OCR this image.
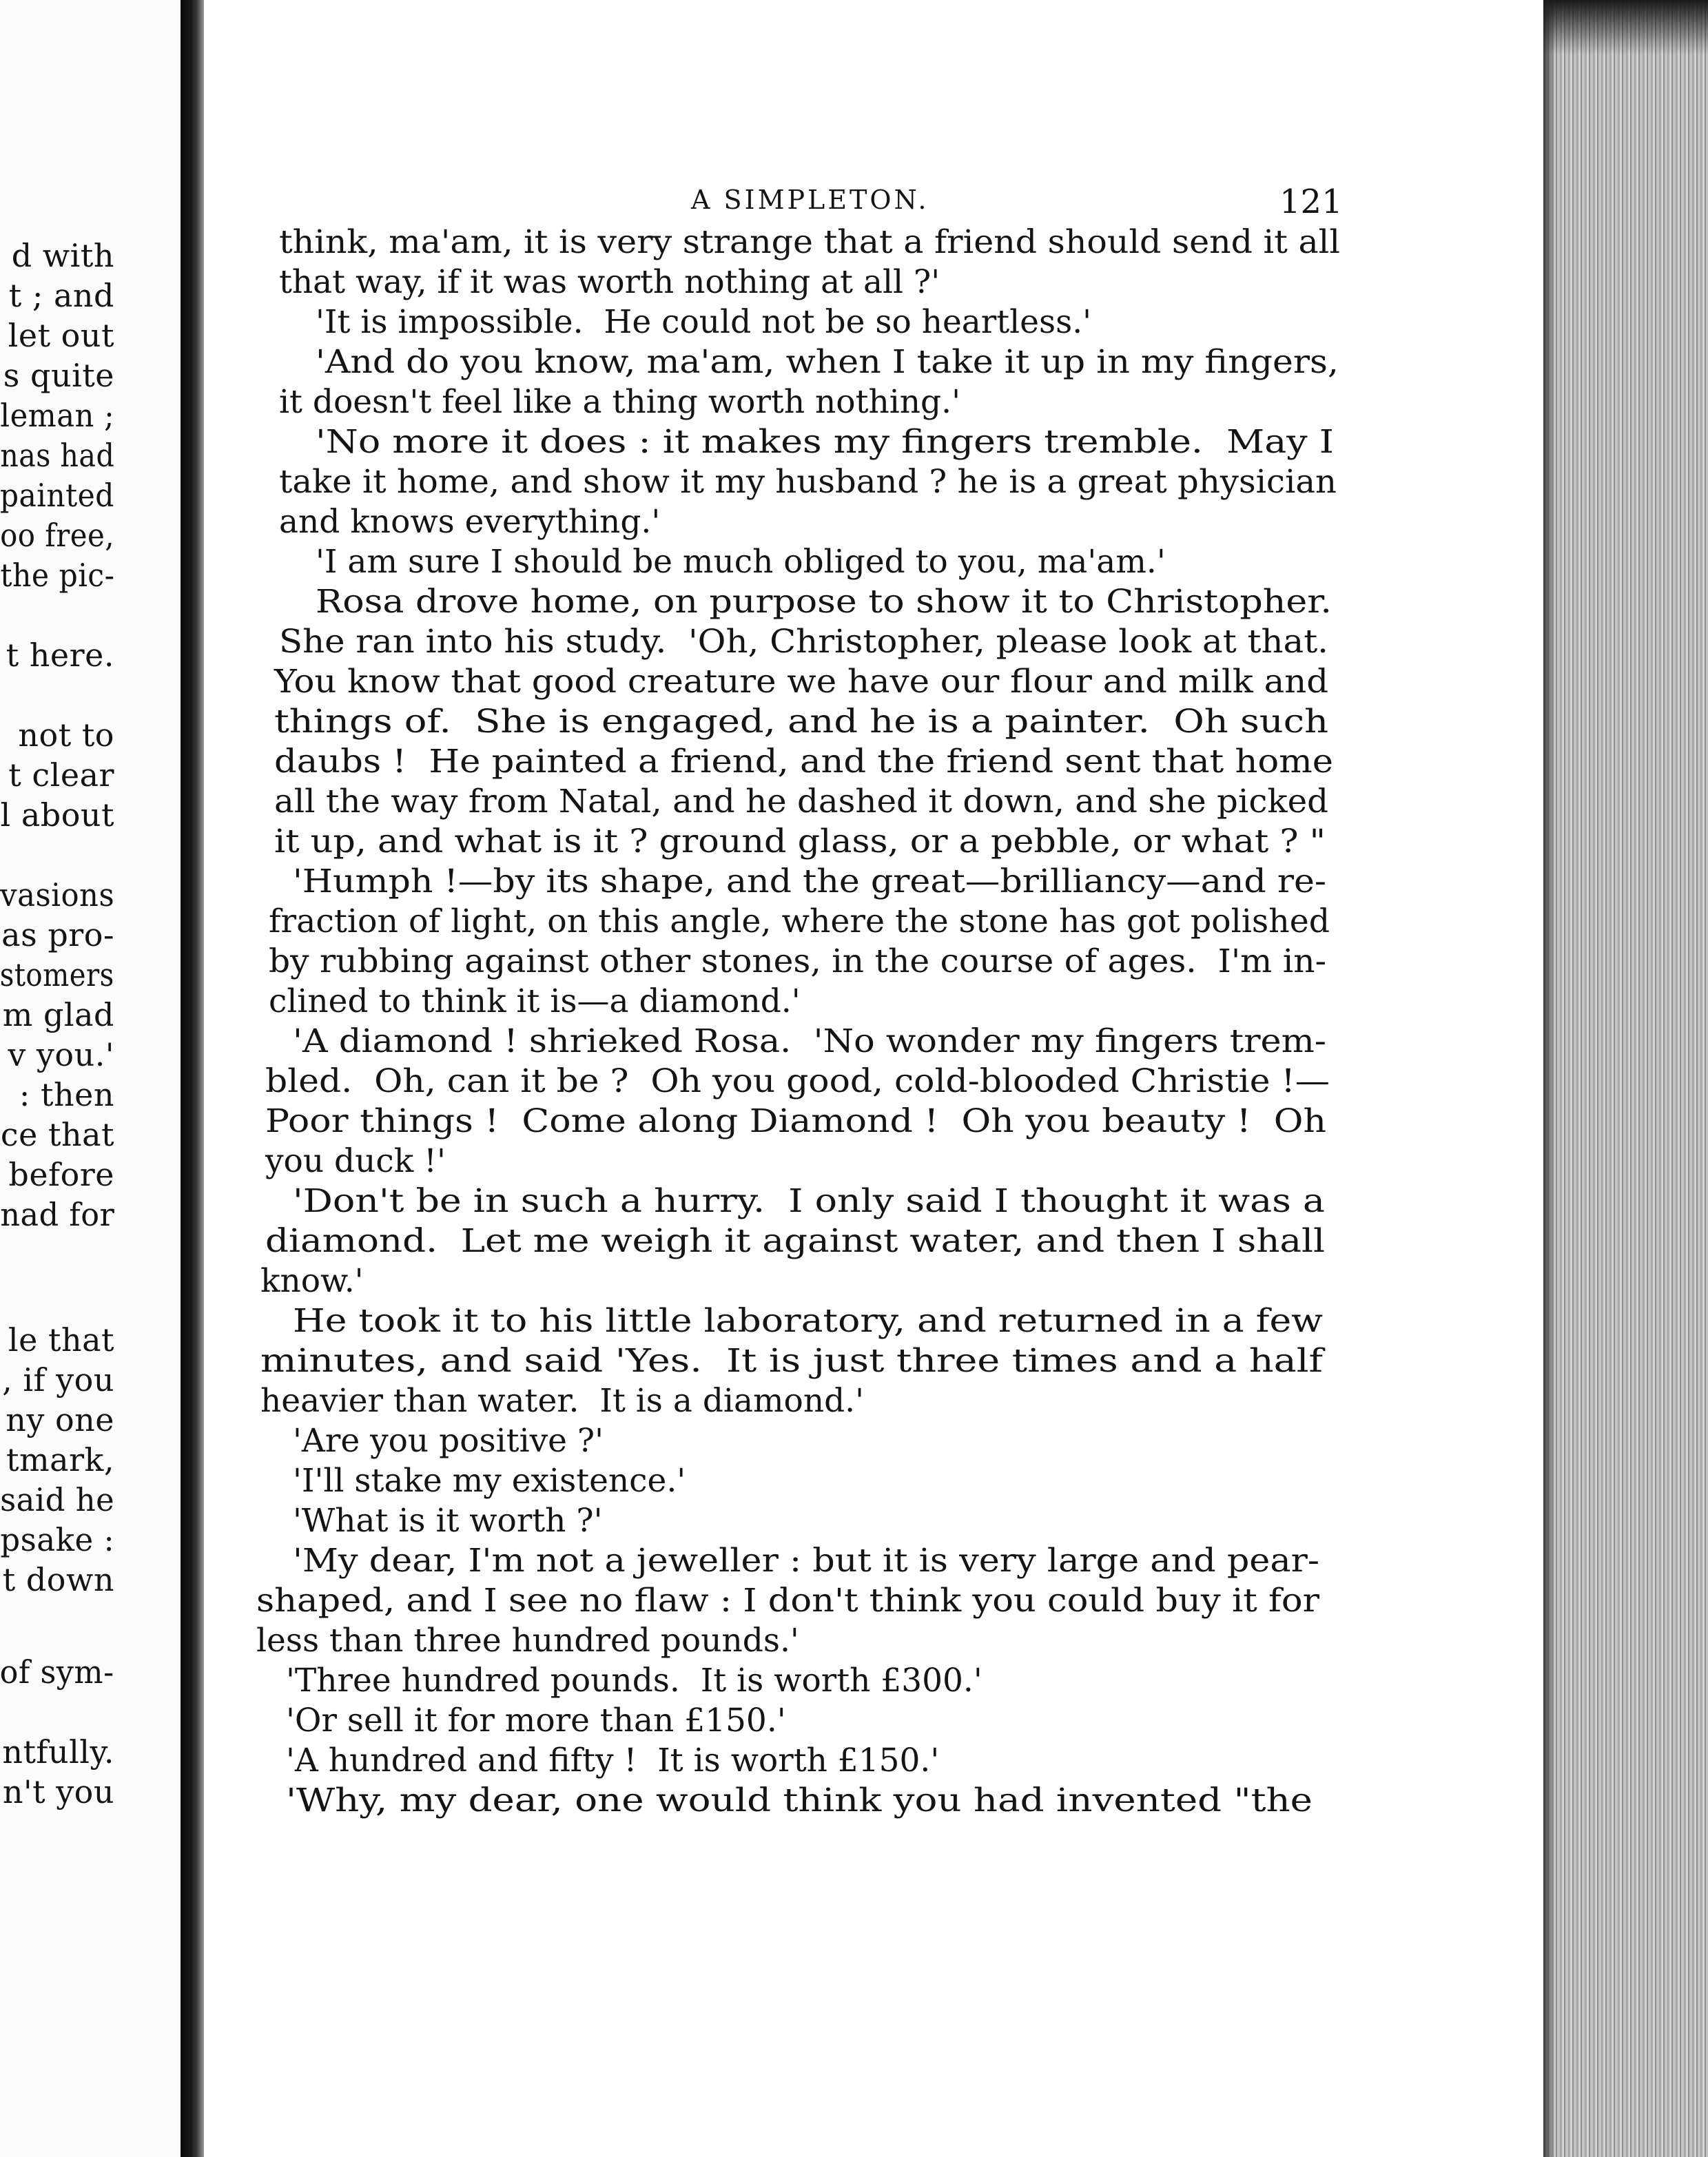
d with
t ; and
let out
s quite
leman ;
nas had
painted
oo free,
the pic-
t here.
not to
t clear
l about
vasions
as pro-
stomers
m glad
v you.'
: then
ce that
before
nad for
le that
, if you
ny one
tmark,
said he
psake :
t down
of sym-
ntfully.
n't you
A SIMPLETON.	121
think, ma'am, it is very strange that a friend should send it all
that way, if it was worth nothing at all ?'
'It is impossible.  He could not be so heartless.'
'And do you know, ma'am, when I take it up in my fingers,
it doesn't feel like a thing worth nothing.'
'No more it does : it makes my fingers tremble.  May I
take it home, and show it my husband ? he is a great physician
and knows everything.'
'I am sure I should be much obliged to you, ma'am.'
Rosa drove home, on purpose to show it to Christopher.
She ran into his study.  'Oh, Christopher, please look at that.
You know that good creature we have our flour and milk and
things of.  She is engaged, and he is a painter.  Oh such
daubs !  He painted a friend, and the friend sent that home
all the way from Natal, and he dashed it down, and she picked
it up, and what is it ? ground glass, or a pebble, or what ? "
'Humph !—by its shape, and the great—brilliancy—and re-
fraction of light, on this angle, where the stone has got polished
by rubbing against other stones, in the course of ages.  I'm in-
clined to think it is—a diamond.'
'A diamond ! shrieked Rosa.  'No wonder my fingers trem-
bled.  Oh, can it be ?  Oh you good, cold-blooded Christie !—
Poor things !  Come along Diamond !  Oh you beauty !  Oh
you duck !'
'Don't be in such a hurry.  I only said I thought it was a
diamond.  Let me weigh it against water, and then I shall
know.'
He took it to his little laboratory, and returned in a few
minutes, and said 'Yes.  It is just three times and a half
heavier than water.  It is a diamond.'
'Are you positive ?'
'I'll stake my existence.'
'What is it worth ?'
'My dear, I'm not a jeweller : but it is very large and pear-
shaped, and I see no flaw : I don't think you could buy it for
less than three hundred pounds.'
'Three hundred pounds.  It is worth £300.'
'Or sell it for more than £150.'
'A hundred and fifty !  It is worth £150.'
'Why, my dear, one would think you had invented "the
